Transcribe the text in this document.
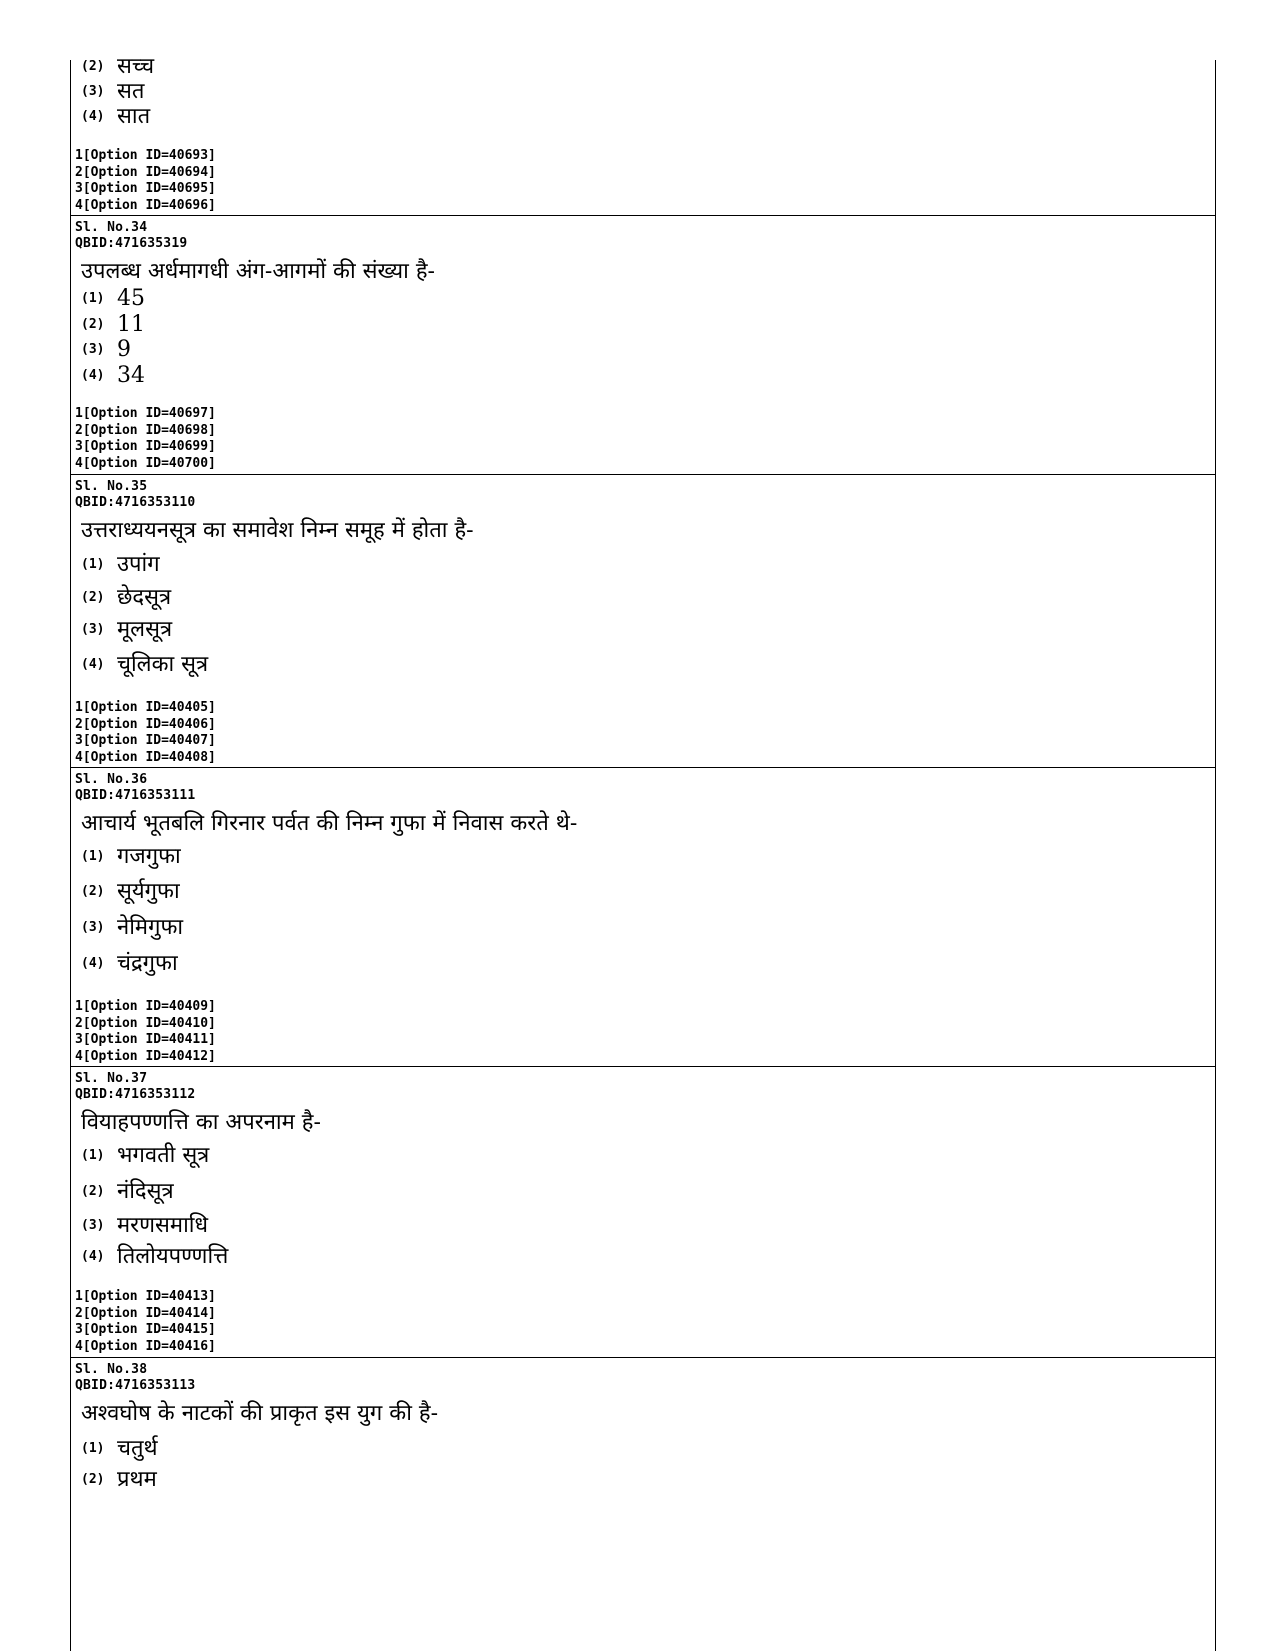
(2) सच्च
(3) सत
(4) सात
1[Option ID=40693]
2[Option ID=40694]
3[Option ID=40695]
4[Option ID=40696]
Sl. No.34
QBID:471635319
उपलब्ध अर्धमागधी अंग-आगमों की संख्या है-
(1) 45
(2) 11
(3) 9
(4) 34
1[Option ID=40697]
2[Option ID=40698]
3[Option ID=40699]
4[Option ID=40700]
Sl. No.35
QBID:4716353110
उत्तराध्ययनसूत्र का समावेश निम्न समूह में होता है-
(1) उपांग
(2) छेदसूत्र
(3) मूलसूत्र
(4) चूलिका सूत्र
1[Option ID=40405]
2[Option ID=40406]
3[Option ID=40407]
4[Option ID=40408]
Sl. No.36
QBID:4716353111
आचार्य भूतबलि गिरनार पर्वत की निम्न गुफा में निवास करते थे-
(1) गजगुफा
(2) सूर्यगुफा
(3) नेमिगुफा
(4) चंद्रगुफा
1[Option ID=40409]
2[Option ID=40410]
3[Option ID=40411]
4[Option ID=40412]
Sl. No.37
QBID:4716353112
वियाहपण्णत्ति का अपरनाम है-
(1) भगवती सूत्र
(2) नंदिसूत्र
(3) मरणसमाधि
(4) तिलोयपण्णत्ति
1[Option ID=40413]
2[Option ID=40414]
3[Option ID=40415]
4[Option ID=40416]
Sl. No.38
QBID:4716353113
अश्वघोष के नाटकों की प्राकृत इस युग की है-
(1) चतुर्थ
(2) प्रथम
